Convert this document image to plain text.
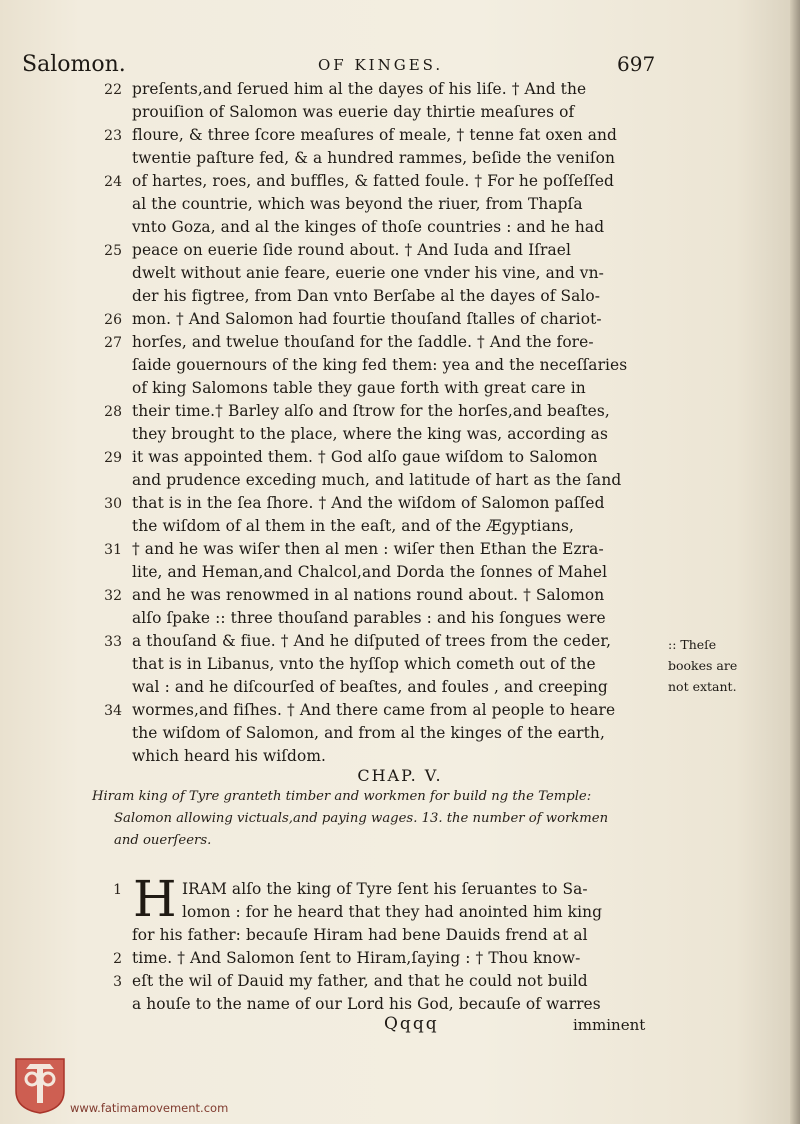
Salomon.	OF KINGES.	697
22 preſents,and ſerued him al the dayes of his liſe. † And the
prouiſion of Salomon was euerie day thirtie meaſures of
23 floure, & three ſcore meaſures of meale, † tenne fat oxen and
twentie paſture fed, & a hundred rammes, beſide the veniſon
24 of hartes, roes, and buffles, & fatted foule. † For he poſſeſſed
al the countrie, which was beyond the riuer, from Thapſa
vnto Goza, and al the kinges of thoſe countries : and he had
25 peace on euerie ſide round about. † And Iuda and Iſrael
dwelt without anie feare, euerie one vnder his vine, and vn-
der his figtree, from Dan vnto Berſabe al the dayes of Salo-
26 mon. † And Salomon had fourtie thouſand ſtalles of chariot-
27 horſes, and twelue thouſand for the ſaddle. † And the fore-
ſaide gouernours of the king fed them: yea and the neceſſaries
of king Salomons table they gaue forth with great care in
28 their time.† Barley alſo and ſtrow for the horſes,and beaſtes,
they brought to the place, where the king was, according as
29 it was appointed them. † God alſo gaue wiſdom to Salomon
and prudence exceding much, and latitude of hart as the ſand
30 that is in the ſea ſhore. † And the wiſdom of Salomon paſſed
the wiſdom of al them in the eaſt, and of the Ægyptians,
31 † and he was wiſer then al men : wiſer then Ethan the Ezra-
lite, and Heman,and Chalcol,and Dorda the ſonnes of Mahel
32 and he was renowmed in al nations round about. † Salomon
alſo ſpake :: three thouſand parables : and his ſongues were
33 a thouſand & fiue. † And he diſputed of trees from the ceder,
that is in Libanus, vnto the hyſſop which cometh out of the
wal : and he diſcourſed of beaſtes, and foules , and creeping
34 wormes,and fiſhes. † And there came from al people to heare
the wiſdom of Salomon, and from al the kinges of the earth,
which heard his wiſdom.
:: Theſe
bookes are
not extant.
CHAP. V.
Hiram king of Tyre granteth timber and workmen for build ng the Temple:
Salomon allowing victuals,and paying wages. 13. the number of workmen
and ouerſeers.
H
1	IRAM alſo the king of Tyre ſent his ſeruantes to Sa-
lomon : for he heard that they had anointed him king
for his father: becauſe Hiram had bene Dauids frend at al
2 time. † And Salomon ſent to Hiram,ſaying : † Thou know-
3 eſt the wil of Dauid my father, and that he could not build
a houſe to the name of our Lord his God, becauſe of warres
Qqqq	imminent
www.fatimamovement.com
